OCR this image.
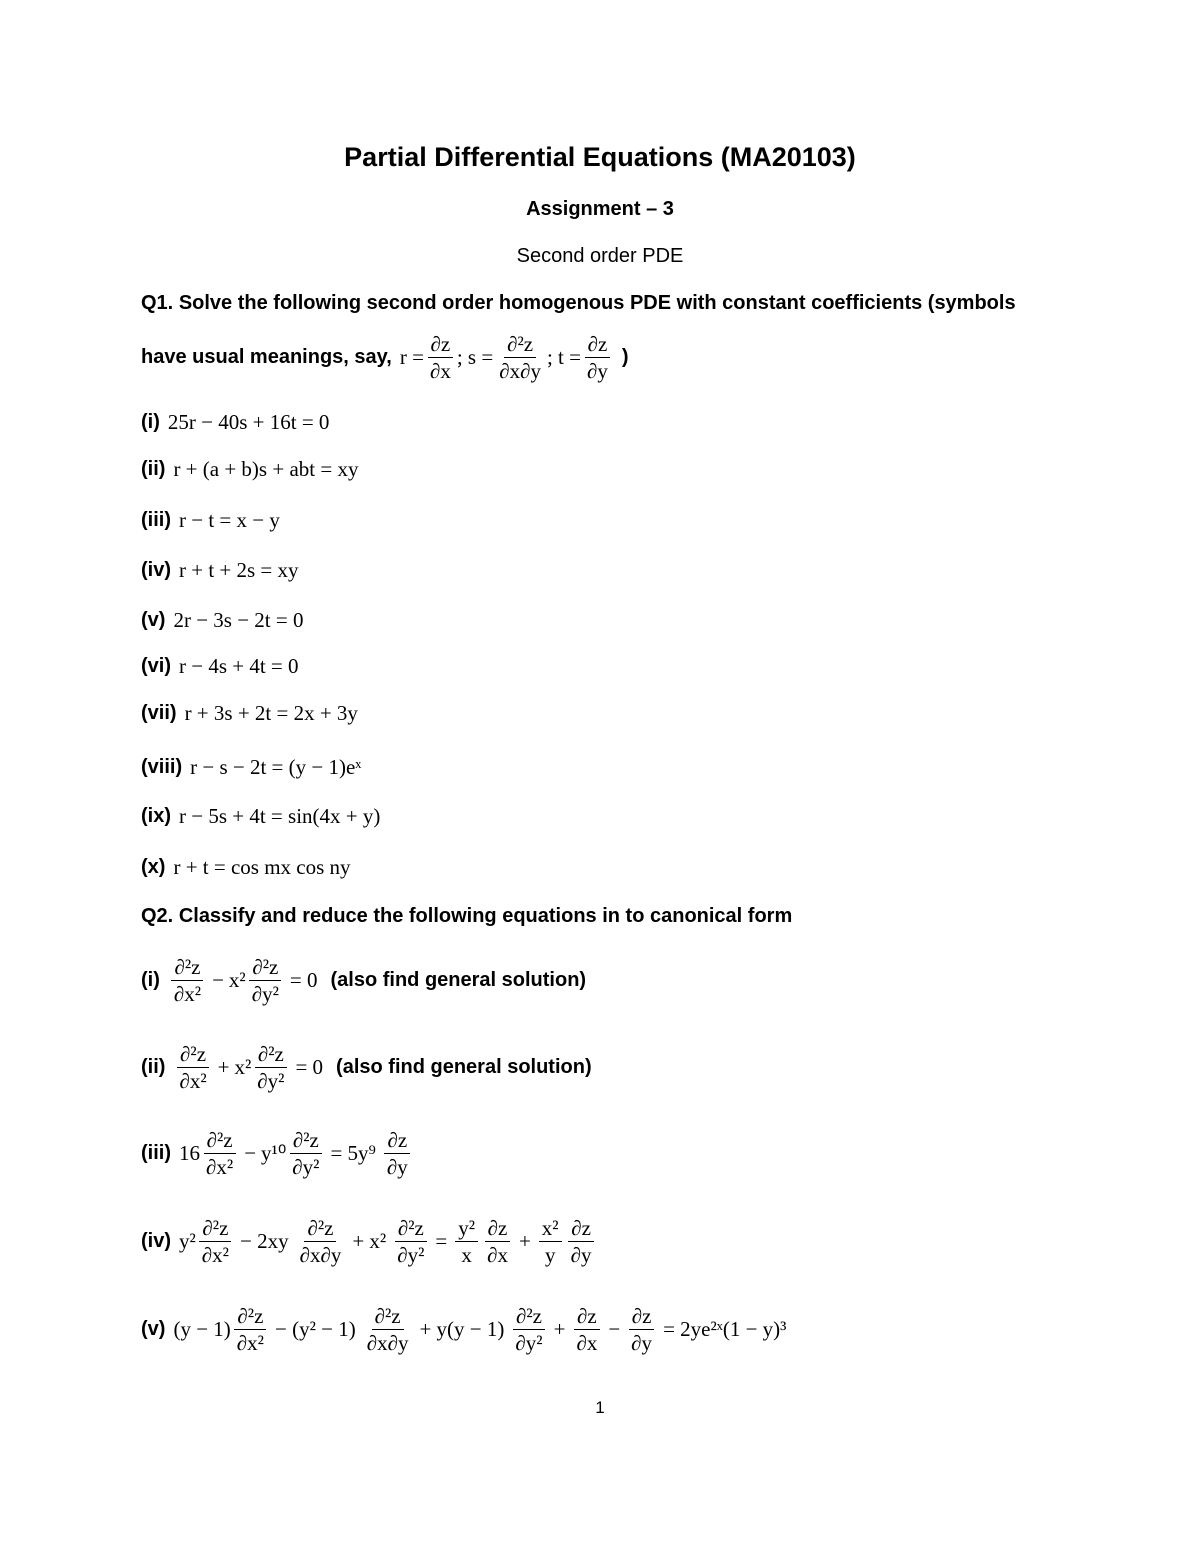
Partial Differential Equations (MA20103)
Assignment – 3
Second order PDE
Q1. Solve the following second order homogenous PDE with constant coefficients (symbols
have usual meanings, say, $r = \frac{\partial z}{\partial x}$ ; $s = \frac{\text{∂²z}}{\partial x\partial y}$ ; $t = \frac{\partial z}{\partial y}$ )
(i) 25r − 40s + 16t = 0
(ii) r + (a + b)s + abt = xy
(iii) r − t = x − y
(iv) r + t + 2s = xy
(v) 2r − 3s − 2t = 0
(vi) r − 4s + 4t = 0
(vii) r + 3s + 2t = 2x + 3y
(viii) r − s − 2t = (y − 1)eˣ
(ix) r − 5s + 4t = sin(4x + y)
(x) r + t = cos mx cos ny
Q2. Classify and reduce the following equations in to canonical form
$(i) \frac{\text{∂²z}}{\text{∂x²}} - x^2 \frac{\text{∂²z}}{\text{∂y²}} = 0$ (also find general solution)
$(ii) \frac{\text{∂²z}}{\text{∂x²}} + x^2 \frac{\text{∂²z}}{\text{∂y²}} = 0$ (also find general solution)
(iii) $16 \frac{\text{∂²z}}{\text{∂x²}} - y^{10} \frac{\text{∂²z}}{\text{∂y²}} = 5y^9 \frac{\partial z}{\partial y}$
(iv) $y^2 \frac{\text{∂²z}}{\text{∂x²}} - 2xy \frac{\text{∂²z}}{\partial x\partial y} + x^2 \frac{\text{∂²z}}{\text{∂y²}} = \frac{\text{y²}}{x} \frac{\partial z}{\partial x} + \frac{\text{x²}}{y} \frac{\partial z}{\partial y}$
(v) $(y - 1) \frac{\text{∂²z}}{\text{∂x²}} - (y^2 - 1) \frac{\text{∂²z}}{\partial x\partial y} + y(y - 1) \frac{\text{∂²z}}{\text{∂y²}} + \frac{\partial z}{\partial x} - \frac{\partial z}{\partial y}$ = 2ye²ˣ(1 − y)³
1
